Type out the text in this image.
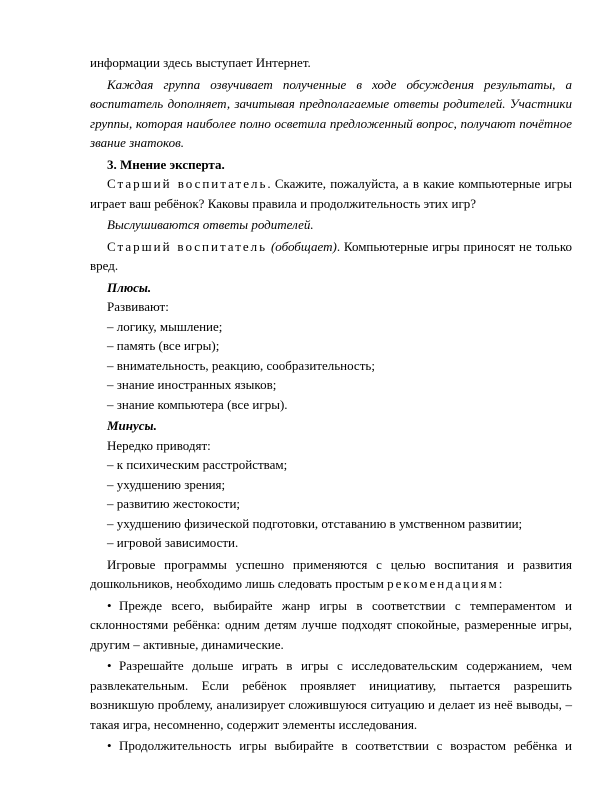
информации здесь выступает Интернет.

Каждая группа озвучивает полученные в ходе обсуждения результаты, а воспитатель дополняет, зачитывая предполагаемые ответы родителей. Участники группы, которая наиболее полно осветила предложенный вопрос, получают почётное звание знатоков.

3. Мнение эксперта.

Старший воспитатель. Скажите, пожалуйста, а в какие компьютерные игры играет ваш ребёнок? Каковы правила и продолжительность этих игр?

Выслушиваются ответы родителей.

Старший воспитатель (обобщает). Компьютерные игры приносят не только вред.

Плюсы.

Развивают:

– логику, мышление;

– память (все игры);

– внимательность, реакцию, сообразительность;

– знание иностранных языков;

– знание компьютера (все игры).

Минусы.

Нередко приводят:

– к психическим расстройствам;

– ухудшению зрения;

– развитию жестокости;

– ухудшению физической подготовки, отставанию в умственном развитии;

– игровой зависимости.

Игровые программы успешно применяются с целью воспитания и развития дошкольников, необходимо лишь следовать простым рекомендациям:

• Прежде всего, выбирайте жанр игры в соответствии с темпераментом и склонностями ребёнка: одним детям лучше подходят спокойные, размеренные игры, другим – активные, динамические.

• Разрешайте дольше играть в игры с исследовательским содержанием, чем развлекательным. Если ребёнок проявляет инициативу, пытается разрешить возникшую проблему, анализирует сложившуюся ситуацию и делает из неё выводы, – такая игра, несомненно, содержит элементы исследования.

• Продолжительность игры выбирайте в соответствии с возрастом ребёнка и
